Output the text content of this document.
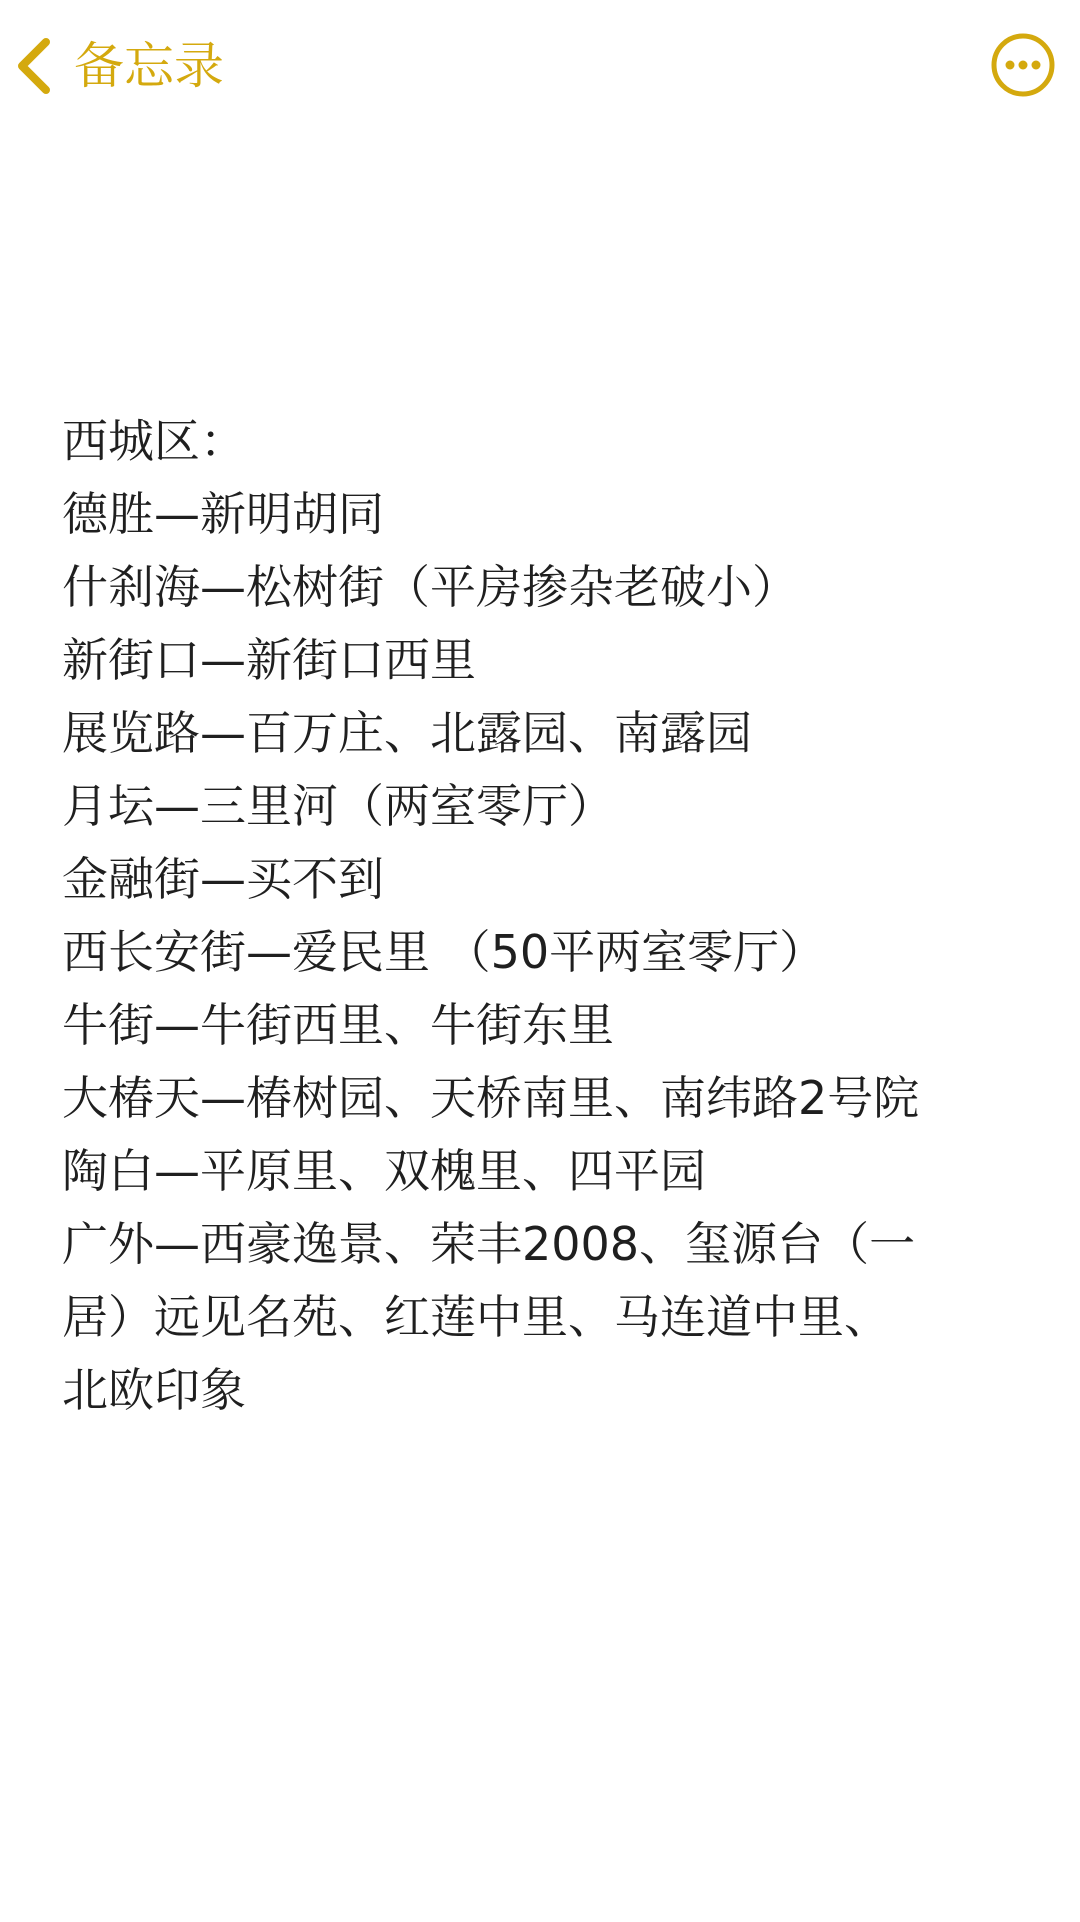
备忘录
西城区：
德胜—新明胡同
什刹海—松树街（平房掺杂老破小）
新街口—新街口西里
展览路—百万庄、北露园、南露园
月坛—三里河（两室零厅）
金融街—买不到
西长安街—爱民里 （50平两室零厅）
牛街—牛街西里、牛街东里
大椿天—椿树园、天桥南里、南纬路2号院
陶白—平原里、双槐里、四平园
广外—西豪逸景、荣丰2008、玺源台（一
居）远见名苑、红莲中里、马连道中里、
北欧印象
